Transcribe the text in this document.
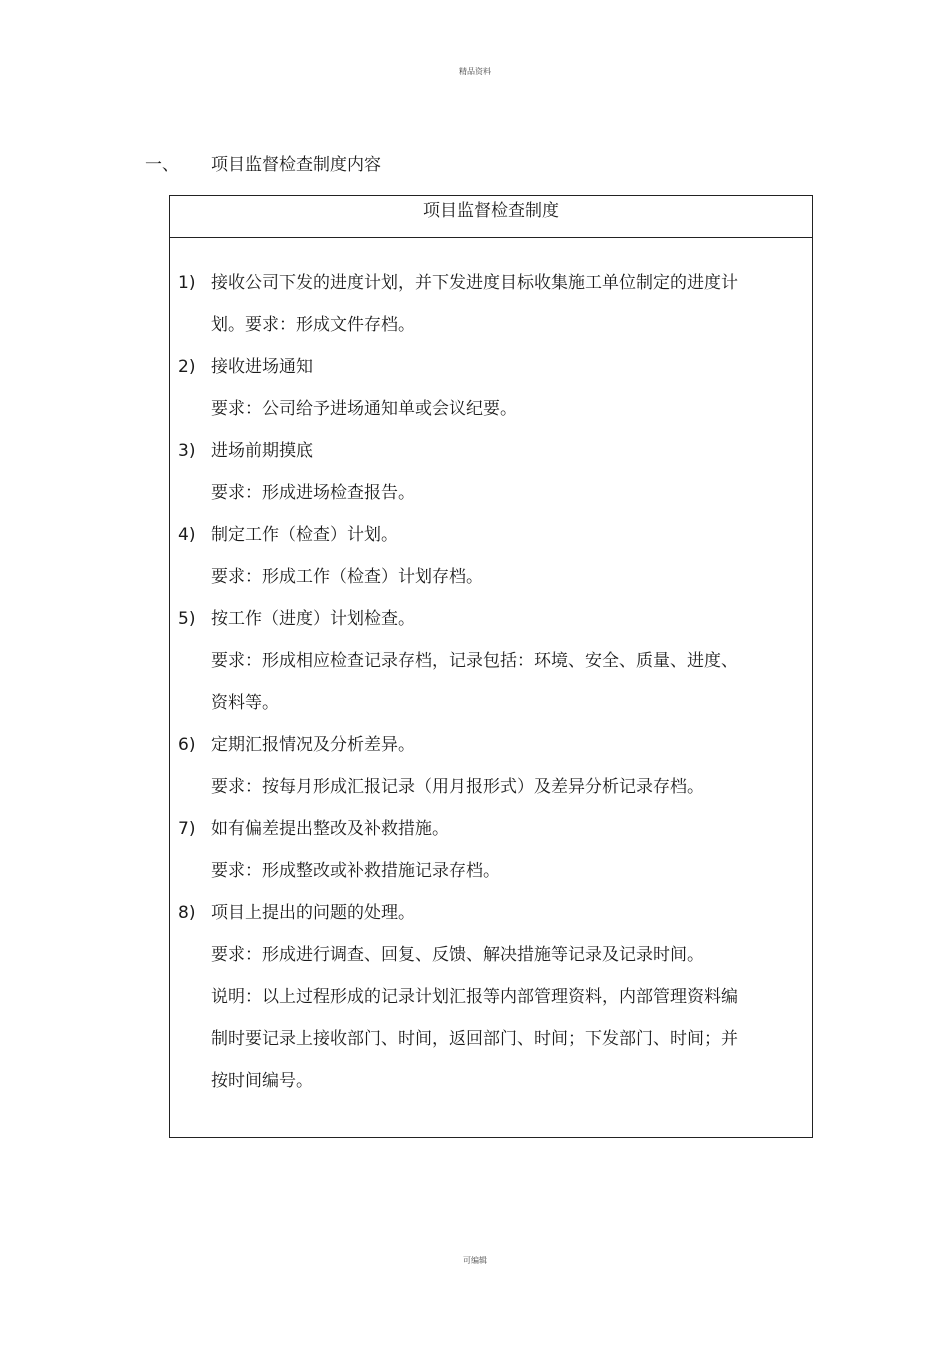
精品资料
一、 项目监督检查制度内容
项目监督检查制度
1) 接收公司下发的进度计划，并下发进度目标收集施工单位制定的进度计
划。要求：形成文件存档。
2) 接收进场通知
要求：公司给予进场通知单或会议纪要。
3) 进场前期摸底
要求：形成进场检查报告。
4) 制定工作（检查）计划。
要求：形成工作（检查）计划存档。
5) 按工作（进度）计划检查。
要求：形成相应检查记录存档，记录包括：环境、安全、质量、进度、
资料等。
6) 定期汇报情况及分析差异。
要求：按每月形成汇报记录（用月报形式）及差异分析记录存档。
7) 如有偏差提出整改及补救措施。
要求：形成整改或补救措施记录存档。
8) 项目上提出的问题的处理。
要求：形成进行调查、回复、反馈、解决措施等记录及记录时间。
说明：以上过程形成的记录计划汇报等内部管理资料，内部管理资料编
制时要记录上接收部门、时间，返回部门、时间；下发部门、时间；并
按时间编号。
可编辑
